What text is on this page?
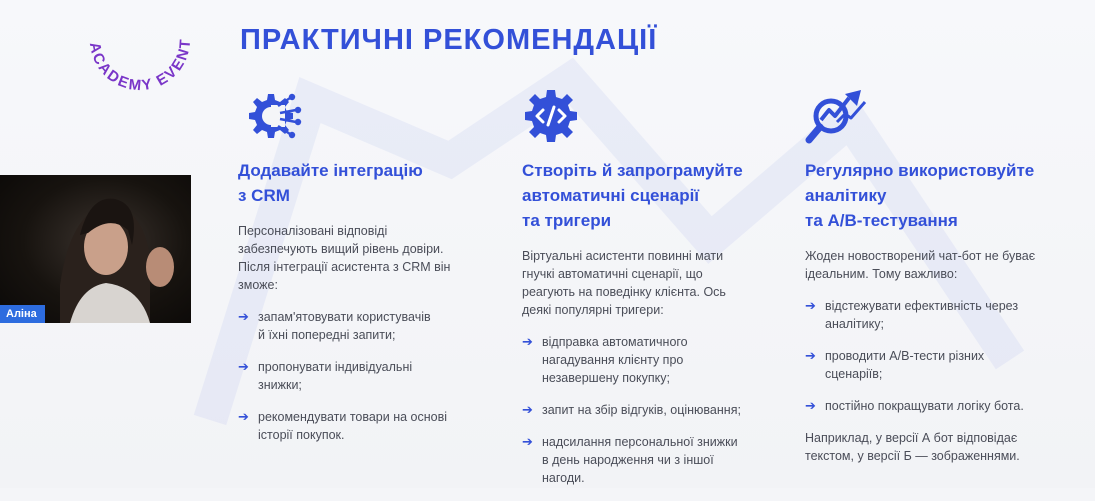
ACADEMY EVENT ПРАКТИЧНІ РЕКОМЕНДАЦІЇ
Додавайте інтеграцію
з CRM

Персоналізовані відповіді

забезпечують вищий рівень довіри.

Після інтеграції асистента з CRM він

зможе:

➔ запам'ятовувати користувачів
й їхні попередні запити;
➔ пропонувати індивідуальні
знижки;
➔ рекомендувати товари на основі
історії покупок.
Створіть й запрограмуйте
автоматичні сценарії
та тригери

Віртуальні асистенти повинні мати

гнучкі автоматичні сценарії, що

реагують на поведінку клієнта. Ось

деякі популярні тригери:

➔ відправка автоматичного
нагадування клієнту про
незавершену покупку;
➔ запит на збір відгуків, оцінювання;
➔ надсилання персональної знижки
в день народження чи з іншої
нагоди.
Регулярно використовуйте
аналітику
та A/B-тестування

Жоден новостворений чат-бот не буває

ідеальним. Тому важливо:

➔ відстежувати ефективність через
аналітику;
➔ проводити A/B-тести різних
сценаріїв;
➔ постійно покращувати логіку бота.
Наприклад, у версії А бот відповідає
текстом, у версії Б — зображеннями.
Аліна
